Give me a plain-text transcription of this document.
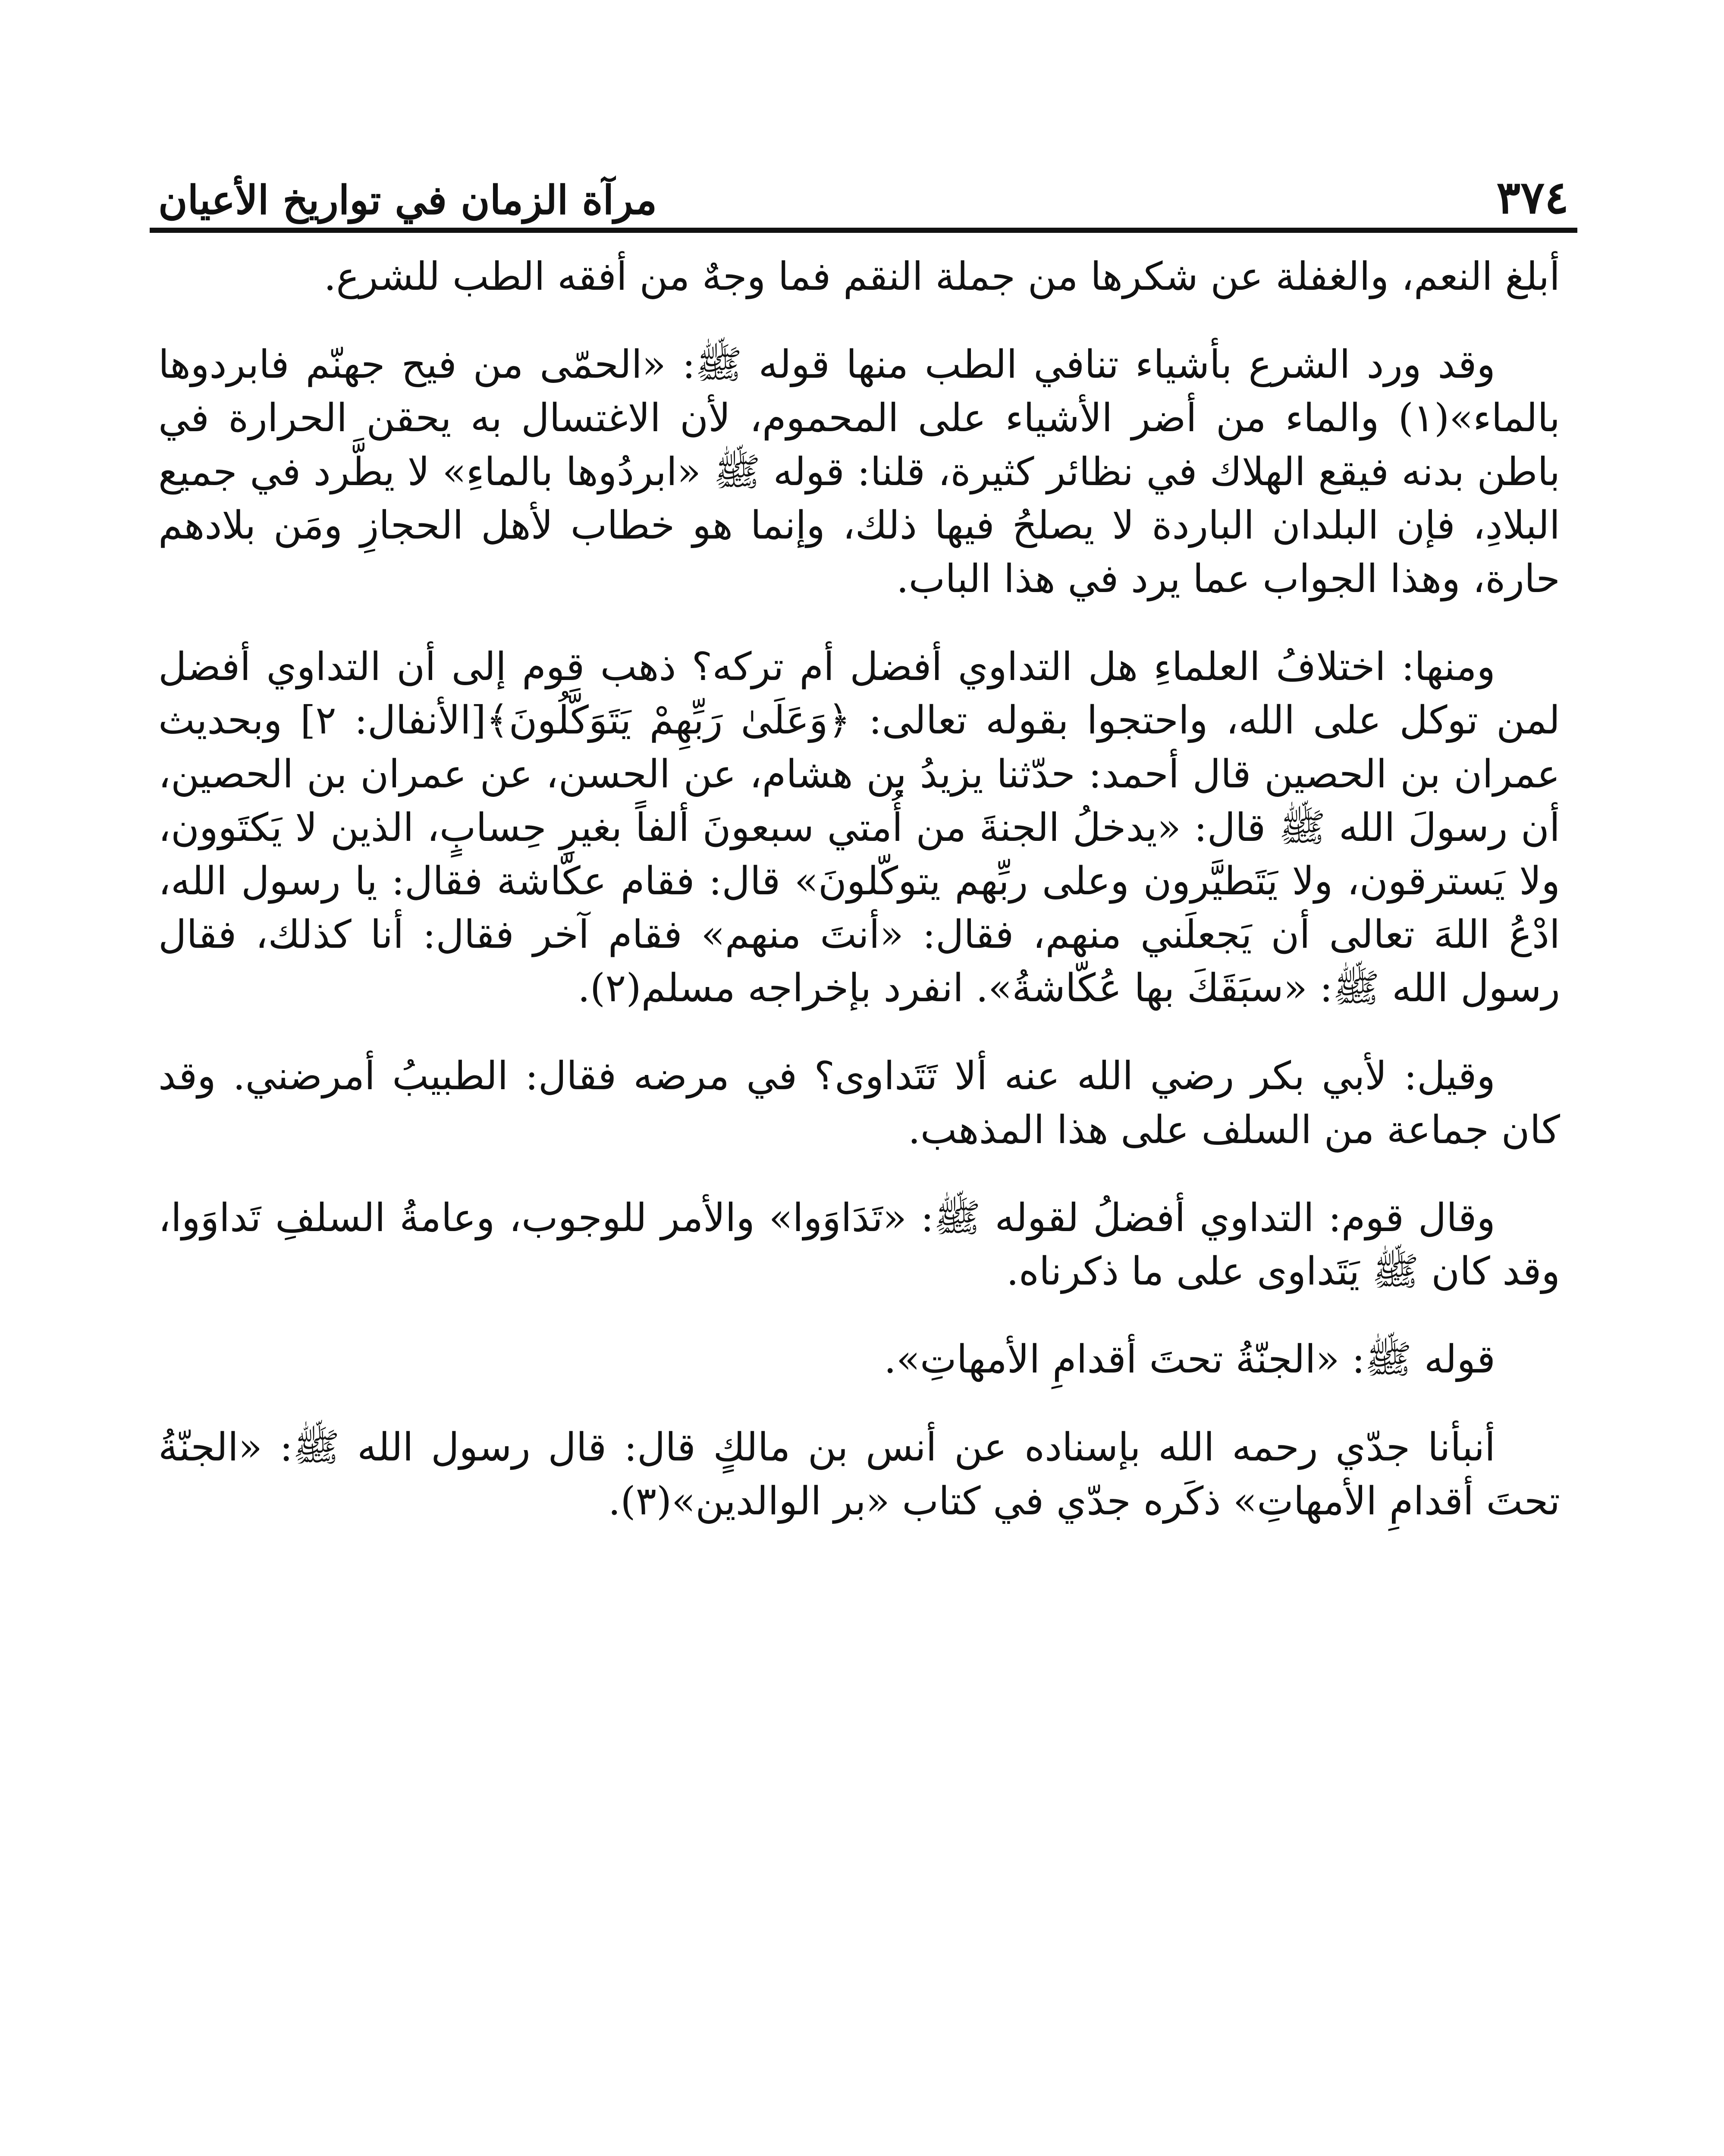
٣٧٤
مرآة الزمان في تواريخ الأعيان

أبلغ النعم، والغفلة عن شكرها من جملة النقم فما وجهٌ من أفقه الطب للشرع.

وقد ورد الشرع بأشياء تنافي الطب منها قوله ﷺ: «الحمّى من فيح جهنّم فابردوها بالماء»(١) والماء من أضر الأشياء على المحموم، لأن الاغتسال به يحقن الحرارة في باطن بدنه فيقع الهلاك في نظائر كثيرة، قلنا: قوله ﷺ «ابردُوها بالماءِ» لا يطَّرد في جميع البلادِ، فإن البلدان الباردة لا يصلحُ فيها ذلك، وإنما هو خطاب لأهل الحجازِ ومَن بلادهم حارة، وهذا الجواب عما يرد في هذا الباب.

ومنها: اختلافُ العلماءِ هل التداوي أفضل أم تركه؟ ذهب قوم إلى أن التداوي أفضل لمن توكل على الله، واحتجوا بقوله تعالى: ﴿وَعَلَىٰ رَبِّهِمْ يَتَوَكَّلُونَ﴾[الأنفال: ٢] وبحديث عمران بن الحصين قال أحمد: حدّثنا يزيدُ بن هشام، عن الحسن، عن عمران بن الحصين، أن رسولَ الله ﷺ قال: «يدخلُ الجنةَ من أُمتي سبعونَ ألفاً بغيرِ حِسابٍ، الذين لا يَكتَوون، ولا يَسترقون، ولا يَتَطيَّرون وعلى ربِّهم يتوكّلونَ» قال: فقام عكّاشة فقال: يا رسول الله، ادْعُ اللهَ تعالى أن يَجعلَني منهم، فقال: «أنتَ منهم» فقام آخر فقال: أنا كذلك، فقال رسول الله ﷺ: «سبَقَكَ بها عُكّاشةُ». انفرد بإخراجه مسلم(٢).

وقيل: لأبي بكر رضي الله عنه ألا تَتَداوى؟ في مرضه فقال: الطبيبُ أمرضني. وقد كان جماعة من السلف على هذا المذهب.

وقال قوم: التداوي أفضلُ لقوله ﷺ: «تَدَاوَوا» والأمر للوجوب، وعامةُ السلفِ تَداوَوا، وقد كان ﷺ يَتَداوى على ما ذكرناه.

قوله ﷺ: «الجنّةُ تحتَ أقدامِ الأمهاتِ».

أنبأنا جدّي رحمه الله بإسناده عن أنس بن مالكٍ قال: قال رسول الله ﷺ: «الجنّةُ تحتَ أقدامِ الأمهاتِ» ذكَره جدّي في كتاب «بر الوالدين»(٣).
